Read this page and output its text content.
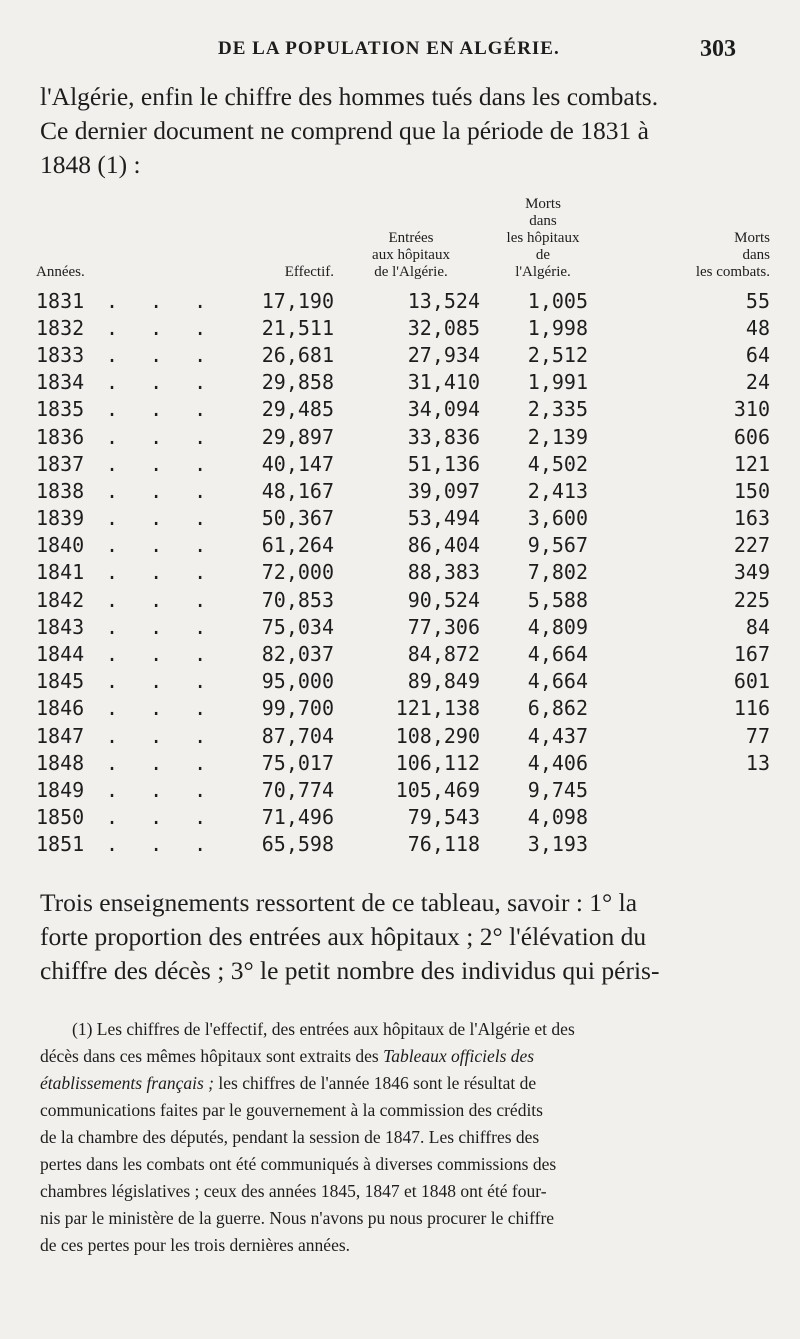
DE LA POPULATION EN ALGÉRIE.	303
l'Algérie, enfin le chiffre des hommes tués dans les combats.
Ce dernier document ne comprend que la période de 1831 à
1848 (1) :
Années.	Effectif.	Entrées
aux hôpitaux
de l'Algérie.	Morts
dans
les hôpitaux
de
l'Algérie.	Morts
dans
les combats.
1831 . . .	17,190	13,524	1,005	55
1832 . . .	21,511	32,085	1,998	48
1833 . . .	26,681	27,934	2,512	64
1834 . . .	29,858	31,410	1,991	24
1835 . . .	29,485	34,094	2,335	310
1836 . . .	29,897	33,836	2,139	606
1837 . . .	40,147	51,136	4,502	121
1838 . . .	48,167	39,097	2,413	150
1839 . . .	50,367	53,494	3,600	163
1840 . . .	61,264	86,404	9,567	227
1841 . . .	72,000	88,383	7,802	349
1842 . . .	70,853	90,524	5,588	225
1843 . . .	75,034	77,306	4,809	84
1844 . . .	82,037	84,872	4,664	167
1845 . . .	95,000	89,849	4,664	601
1846 . . .	99,700	121,138	6,862	116
1847 . . .	87,704	108,290	4,437	77
1848 . . .	75,017	106,112	4,406	13
1849 . . .	70,774	105,469	9,745	
1850 . . .	71,496	79,543	4,098	
1851 . . .	65,598	76,118	3,193	
Trois enseignements ressortent de ce tableau, savoir : 1° la
forte proportion des entrées aux hôpitaux ; 2° l'élévation du
chiffre des décès ; 3° le petit nombre des individus qui péris-
(1) Les chiffres de l'effectif, des entrées aux hôpitaux de l'Algérie et des
décès dans ces mêmes hôpitaux sont extraits des Tableaux officiels des
établissements français ; les chiffres de l'année 1846 sont le résultat de
communications faites par le gouvernement à la commission des crédits
de la chambre des députés, pendant la session de 1847. Les chiffres des
pertes dans les combats ont été communiqués à diverses commissions des
chambres législatives ; ceux des années 1845, 1847 et 1848 ont été four-
nis par le ministère de la guerre. Nous n'avons pu nous procurer le chiffre
de ces pertes pour les trois dernières années.
